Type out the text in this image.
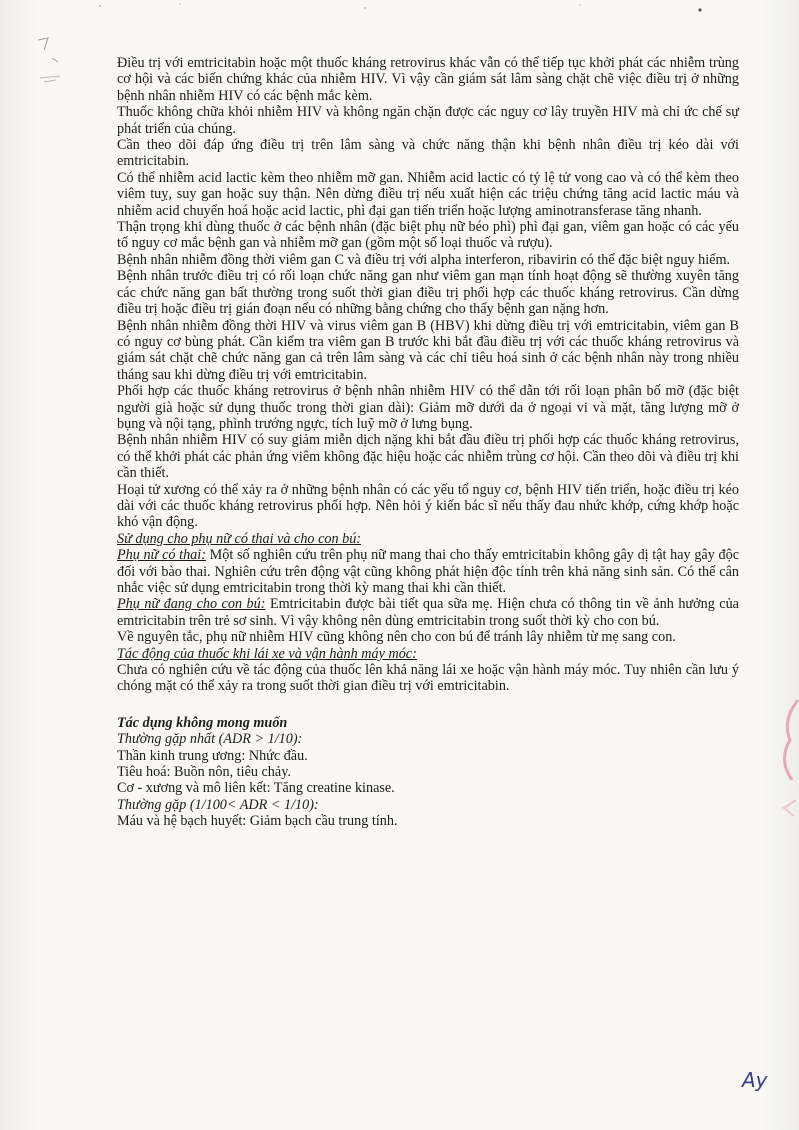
Điều trị với emtricitabin hoặc một thuốc kháng retrovirus khác vẫn có thể tiếp tục khởi phát các nhiễm trùng cơ hội và các biến chứng khác của nhiễm HIV. Vì vậy cần giám sát lâm sàng chặt chẽ việc điều trị ở những bệnh nhân nhiễm HIV có các bệnh mắc kèm.

Thuốc không chữa khỏi nhiễm HIV và không ngăn chặn được các nguy cơ lây truyền HIV mà chỉ ức chế sự phát triển của chúng.

Cần theo dõi đáp ứng điều trị trên lâm sàng và chức năng thận khi bệnh nhân điều trị kéo dài với emtricitabin.

Có thể nhiễm acid lactic kèm theo nhiễm mỡ gan. Nhiễm acid lactic có tỷ lệ tử vong cao và có thể kèm theo viêm tuỵ, suy gan hoặc suy thận. Nên dừng điều trị nếu xuất hiện các triệu chứng tăng acid lactic máu và nhiễm acid chuyển hoá hoặc acid lactic, phì đại gan tiến triển hoặc lượng aminotransferase tăng nhanh.

Thận trọng khi dùng thuốc ở các bệnh nhân (đặc biệt phụ nữ béo phì) phì đại gan, viêm gan hoặc có các yếu tố nguy cơ mắc bệnh gan và nhiễm mỡ gan (gồm một số loại thuốc và rượu).

Bệnh nhân nhiễm đồng thời viêm gan C và điều trị với alpha interferon, ribavirin có thể đặc biệt nguy hiểm.

Bệnh nhân trước điều trị có rối loạn chức năng gan như viêm gan mạn tính hoạt động sẽ thường xuyên tăng các chức năng gan bất thường trong suốt thời gian điều trị phối hợp các thuốc kháng retrovirus. Cần dừng điều trị hoặc điều trị gián đoạn nếu có những bằng chứng cho thấy bệnh gan nặng hơn.

Bệnh nhân nhiễm đồng thời HIV và virus viêm gan B (HBV) khi dừng điều trị với emtricitabin, viêm gan B có nguy cơ bùng phát. Cần kiểm tra viêm gan B trước khi bắt đầu điều trị với các thuốc kháng retrovirus và giám sát chặt chẽ chức năng gan cả trên lâm sàng và các chỉ tiêu hoá sinh ở các bệnh nhân này trong nhiều tháng sau khi dừng điều trị với emtricitabin.

Phối hợp các thuốc kháng retrovirus ở bệnh nhân nhiễm HIV có thể dẫn tới rối loạn phân bố mỡ (đặc biệt người già hoặc sử dụng thuốc trong thời gian dài): Giảm mỡ dưới da ở ngoại vi và mặt, tăng lượng mỡ ở bụng và nội tạng, phình trướng ngực, tích luỹ mỡ ở lưng bụng.

Bệnh nhân nhiễm HIV có suy giảm miễn dịch nặng khi bắt đầu điều trị phối hợp các thuốc kháng retrovirus, có thể khởi phát các phản ứng viêm không đặc hiệu hoặc các nhiễm trùng cơ hội. Cần theo dõi và điều trị khi cần thiết.

Hoại tử xương có thể xảy ra ở những bệnh nhân có các yếu tố nguy cơ, bệnh HIV tiến triển, hoặc điều trị kéo dài với các thuốc kháng retrovirus phối hợp. Nên hỏi ý kiến bác sĩ nếu thấy đau nhức khớp, cứng khớp hoặc khó vận động.

Sử dụng cho phụ nữ có thai và cho con bú:

Phụ nữ có thai: Một số nghiên cứu trên phụ nữ mang thai cho thấy emtricitabin không gây dị tật hay gây độc đối với bào thai. Nghiên cứu trên động vật cũng không phát hiện độc tính trên khả năng sinh sản. Có thể cân nhắc việc sử dụng emtricitabin trong thời kỳ mang thai khi cần thiết.

Phụ nữ đang cho con bú: Emtricitabin được bài tiết qua sữa mẹ. Hiện chưa có thông tin về ảnh hưởng của emtricitabin trên trẻ sơ sinh. Vì vậy không nên dùng emtricitabin trong suốt thời kỳ cho con bú.

Về nguyên tắc, phụ nữ nhiễm HIV cũng không nên cho con bú để tránh lây nhiễm từ mẹ sang con.

Tác động của thuốc khi lái xe và vận hành máy móc:

Chưa có nghiên cứu về tác động của thuốc lên khả năng lái xe hoặc vận hành máy móc. Tuy nhiên cần lưu ý chóng mặt có thể xảy ra trong suốt thời gian điều trị với emtricitabin.

Tác dụng không mong muốn

Thường gặp nhất (ADR > 1/10):

Thần kinh trung ương: Nhức đầu.

Tiêu hoá: Buồn nôn, tiêu chảy.

Cơ - xương và mô liên kết: Tăng creatine kinase.

Thường gặp (1/100< ADR < 1/10):

Máu và hệ bạch huyết: Giảm bạch cầu trung tính.

Ay
